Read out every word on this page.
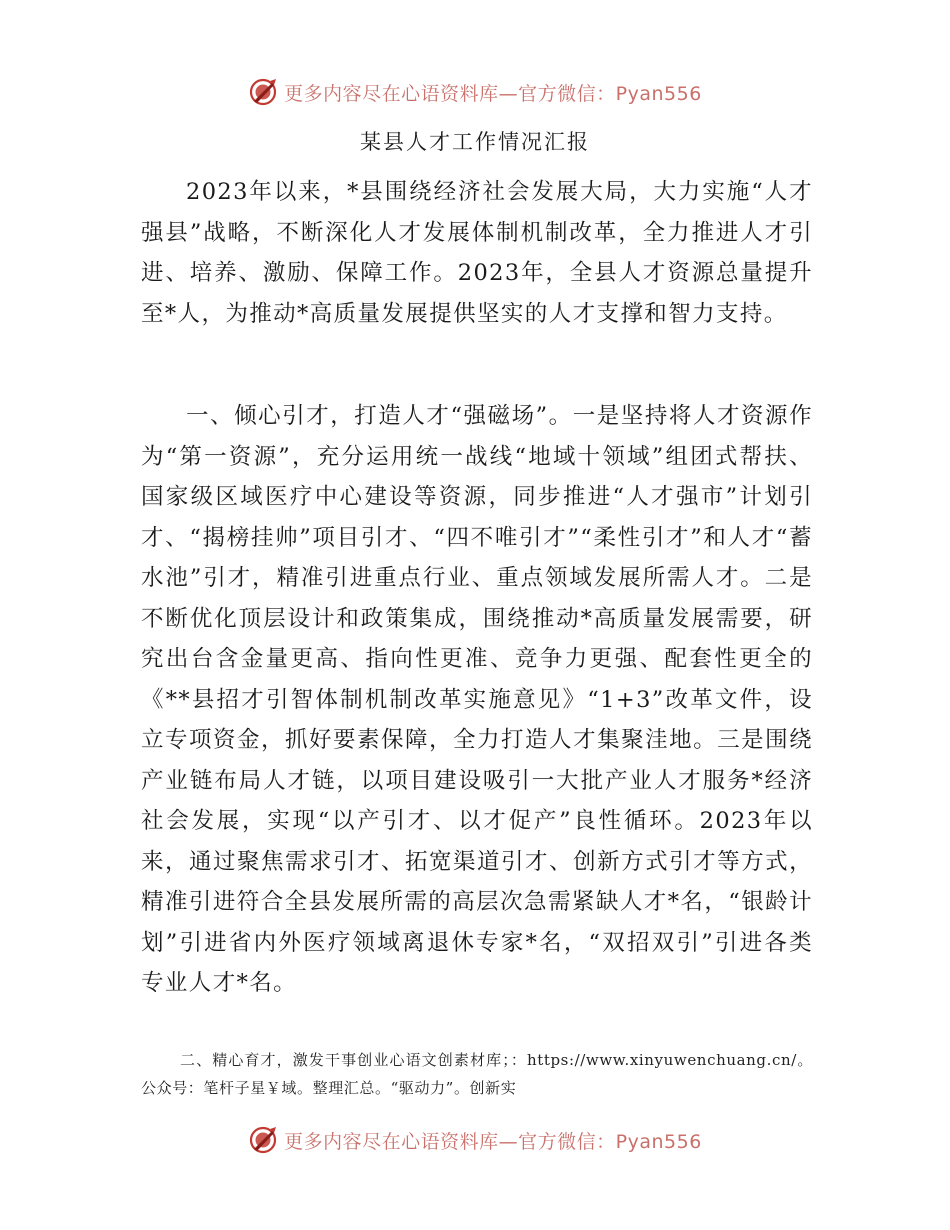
更多内容尽在心语资料库—官方微信：Pyan556
某县人才工作情况汇报

2023年以来，*县围绕经济社会发展大局，大力实施“人才强县”战略，不断深化人才发展体制机制改革，全力推进人才引进、培养、激励、保障工作。2023年，全县人才资源总量提升至*人，为推动*高质量发展提供坚实的人才支撑和智力支持。

一、倾心引才，打造人才“强磁场”。一是坚持将人才资源作为“第一资源”，充分运用统一战线“地域十领域”组团式帮扶、国家级区域医疗中心建设等资源，同步推进“人才强市”计划引才、“揭榜挂帅”项目引才、“四不唯引才”“柔性引才”和人才“蓄水池”引才，精准引进重点行业、重点领域发展所需人才。二是不断优化顶层设计和政策集成，围绕推动*高质量发展需要，研究出台含金量更高、指向性更准、竞争力更强、配套性更全的《**县招才引智体制机制改革实施意见》“1+3”改革文件，设立专项资金，抓好要素保障，全力打造人才集聚洼地。三是围绕产业链布局人才链，以项目建设吸引一大批产业人才服务*经济社会发展，实现“以产引才、以才促产”良性循环。2023年以来，通过聚焦需求引才、拓宽渠道引才、创新方式引才等方式，精准引进符合全县发展所需的高层次急需紧缺人才*名，“银龄计划”引进省内外医疗领域离退休专家*名，“双招双引”引进各类专业人才*名。

二、精心育才，激发干事创业心语文创素材库；：https://www.xinyuwenchuang.cn/。公众号：笔杆子星￥域。整理汇总。“驱动力”。创新实

更多内容尽在心语资料库—官方微信：Pyan556
